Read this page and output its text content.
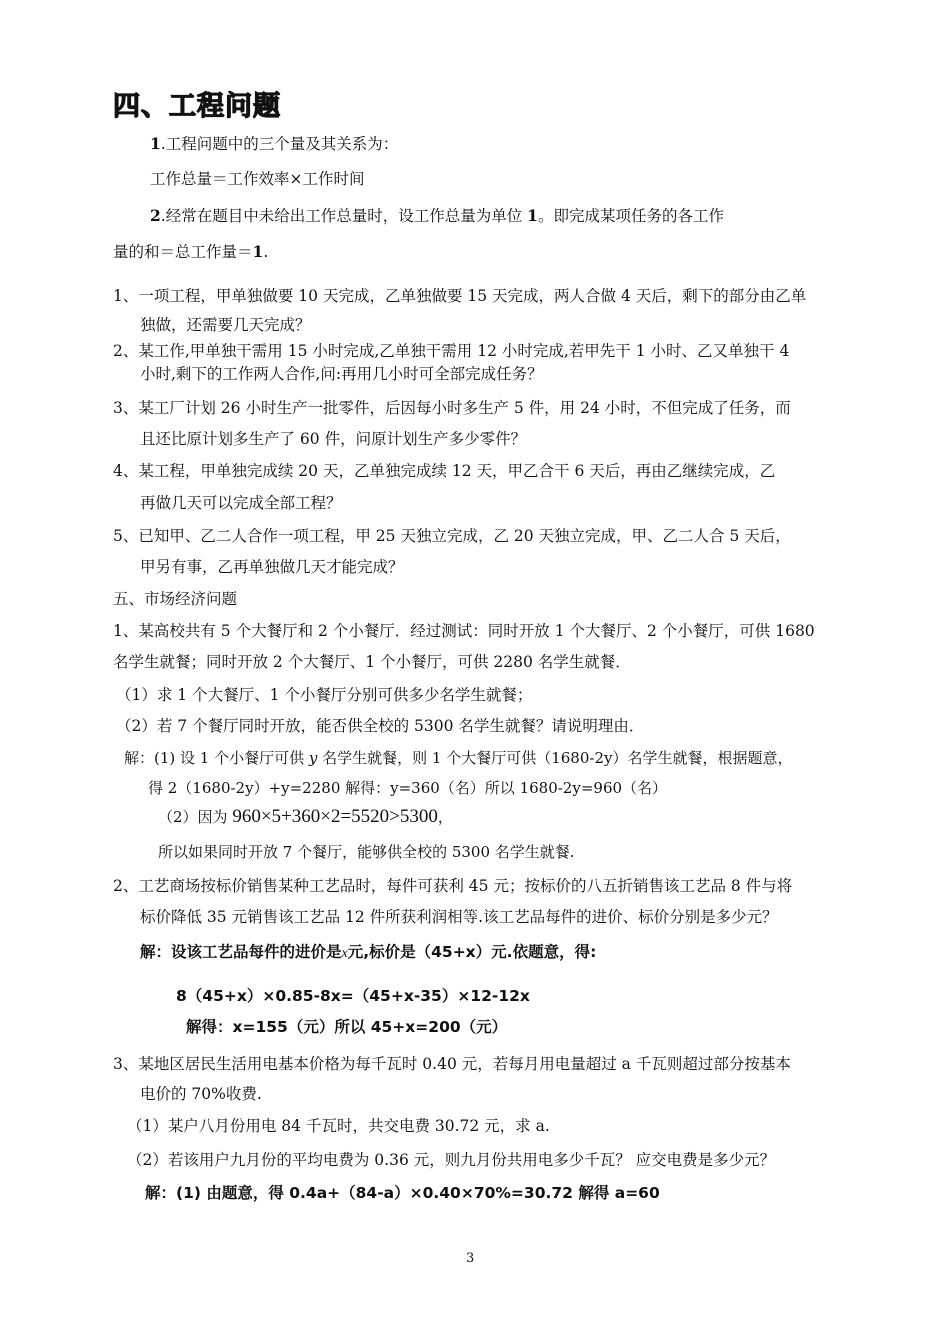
四、工程问题
1.工程问题中的三个量及其关系为：
工作总量＝工作效率×工作时间
2.经常在题目中未给出工作总量时，设工作总量为单位 1。即完成某项任务的各工作
量的和＝总工作量＝1.
1、一项工程，甲单独做要 10 天完成，乙单独做要 15 天完成，两人合做 4 天后，剩下的部分由乙单
独做，还需要几天完成？
2、某工作,甲单独干需用 15 小时完成,乙单独干需用 12 小时完成,若甲先干 1 小时、乙又单独干 4
小时,剩下的工作两人合作,问:再用几小时可全部完成任务？
3、某工厂计划 26 小时生产一批零件，后因每小时多生产 5 件，用 24 小时，不但完成了任务，而
且还比原计划多生产了 60 件，问原计划生产多少零件？
4、某工程，甲单独完成续 20 天，乙单独完成续 12 天，甲乙合干 6 天后，再由乙继续完成，乙
再做几天可以完成全部工程？
5、已知甲、乙二人合作一项工程，甲 25 天独立完成，乙 20 天独立完成，甲、乙二人合 5 天后，
甲另有事，乙再单独做几天才能完成？
五、市场经济问题
1、某高校共有 5 个大餐厅和 2 个小餐厅．经过测试：同时开放 1 个大餐厅、2 个小餐厅，可供 1680
名学生就餐；同时开放 2 个大餐厅、1 个小餐厅，可供 2280 名学生就餐．
（1）求 1 个大餐厅、1 个小餐厅分别可供多少名学生就餐；
（2）若 7 个餐厅同时开放，能否供全校的 5300 名学生就餐？请说明理由．
解：(1) 设 1 个小餐厅可供 y 名学生就餐，则 1 个大餐厅可供（1680-2y）名学生就餐，根据题意，
得 2（1680-2y）+y=2280 解得：y=360（名）所以 1680-2y=960（名）
（2）因为 960×5+360×2=5520>5300，
所以如果同时开放 7 个餐厅，能够供全校的 5300 名学生就餐.
2、工艺商场按标价销售某种工艺品时，每件可获利 45 元；按标价的八五折销售该工艺品 8 件与将
标价降低 35 元销售该工艺品 12 件所获利润相等.该工艺品每件的进价、标价分别是多少元？
解：设该工艺品每件的进价是x元,标价是（45+x）元.依题意，得:
8（45+x）×0.85-8x=（45+x-35）×12-12x
解得：x=155（元）所以 45+x=200（元）
3、某地区居民生活用电基本价格为每千瓦时 0.40 元，若每月用电量超过 a 千瓦则超过部分按基本
电价的 70%收费.
（1）某户八月份用电 84 千瓦时，共交电费 30.72 元，求 a.
（2）若该用户九月份的平均电费为 0.36 元，则九月份共用电多少千瓦？ 应交电费是多少元？
解：(1) 由题意，得 0.4a+（84-a）×0.40×70%=30.72 解得 a=60
3
